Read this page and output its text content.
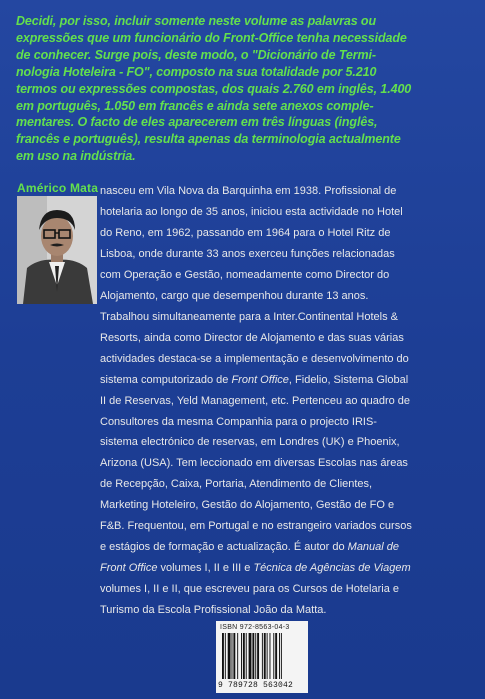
Decidi, por isso, incluir somente neste volume as palavras ou
expressões que um funcionário do Front-Office tenha necessidade
de conhecer. Surge pois, deste modo, o "Dicionário de Termi-
nologia Hoteleira - FO", composto na sua totalidade por 5.210
termos ou expressões compostas, dos quais 2.760 em inglês, 1.400
em português, 1.050 em francês e ainda sete anexos comple-
mentares. O facto de eles aparecerem em três línguas (inglês,
francês e português), resulta apenas da terminologia actualmente
em uso na indústria.
Américo Mata nasceu em Vila Nova da Barquinha em 1938. Profissional de
hotelaria ao longo de 35 anos, iniciou esta actividade no Hotel
do Reno, em 1962, passando em 1964 para o Hotel Ritz de
Lisboa, onde durante 33 anos exerceu funções relacionadas
com Operação e Gestão, nomeadamente como Director do
Alojamento, cargo que desempenhou durante 13 anos.
Trabalhou simultaneamente para a Inter.Continental Hotels &
Resorts, ainda como Director de Alojamento e das suas várias
actividades destaca-se a implementação e desenvolvimento do
sistema computorizado de Front Office, Fidelio, Sistema Global
II de Reservas, Yeld Management, etc. Pertenceu ao quadro de
Consultores da mesma Companhia para o projecto IRIS-
sistema electrónico de reservas, em Londres (UK) e Phoenix,
Arizona (USA). Tem leccionado em diversas Escolas nas áreas
de Recepção, Caixa, Portaria, Atendimento de Clientes,
Marketing Hoteleiro, Gestão do Alojamento, Gestão de FO e
F&B. Frequentou, em Portugal e no estrangeiro variados cursos
e estágios de formação e actualização. É autor do Manual de
Front Office volumes I, II e III e Técnica de Agências de Viagem
volumes I, II e II, que escreveu para os Cursos de Hotelaria e
Turismo da Escola Profissional João da Matta.
ISBN 972-8563-04-3
9 789728 563042
